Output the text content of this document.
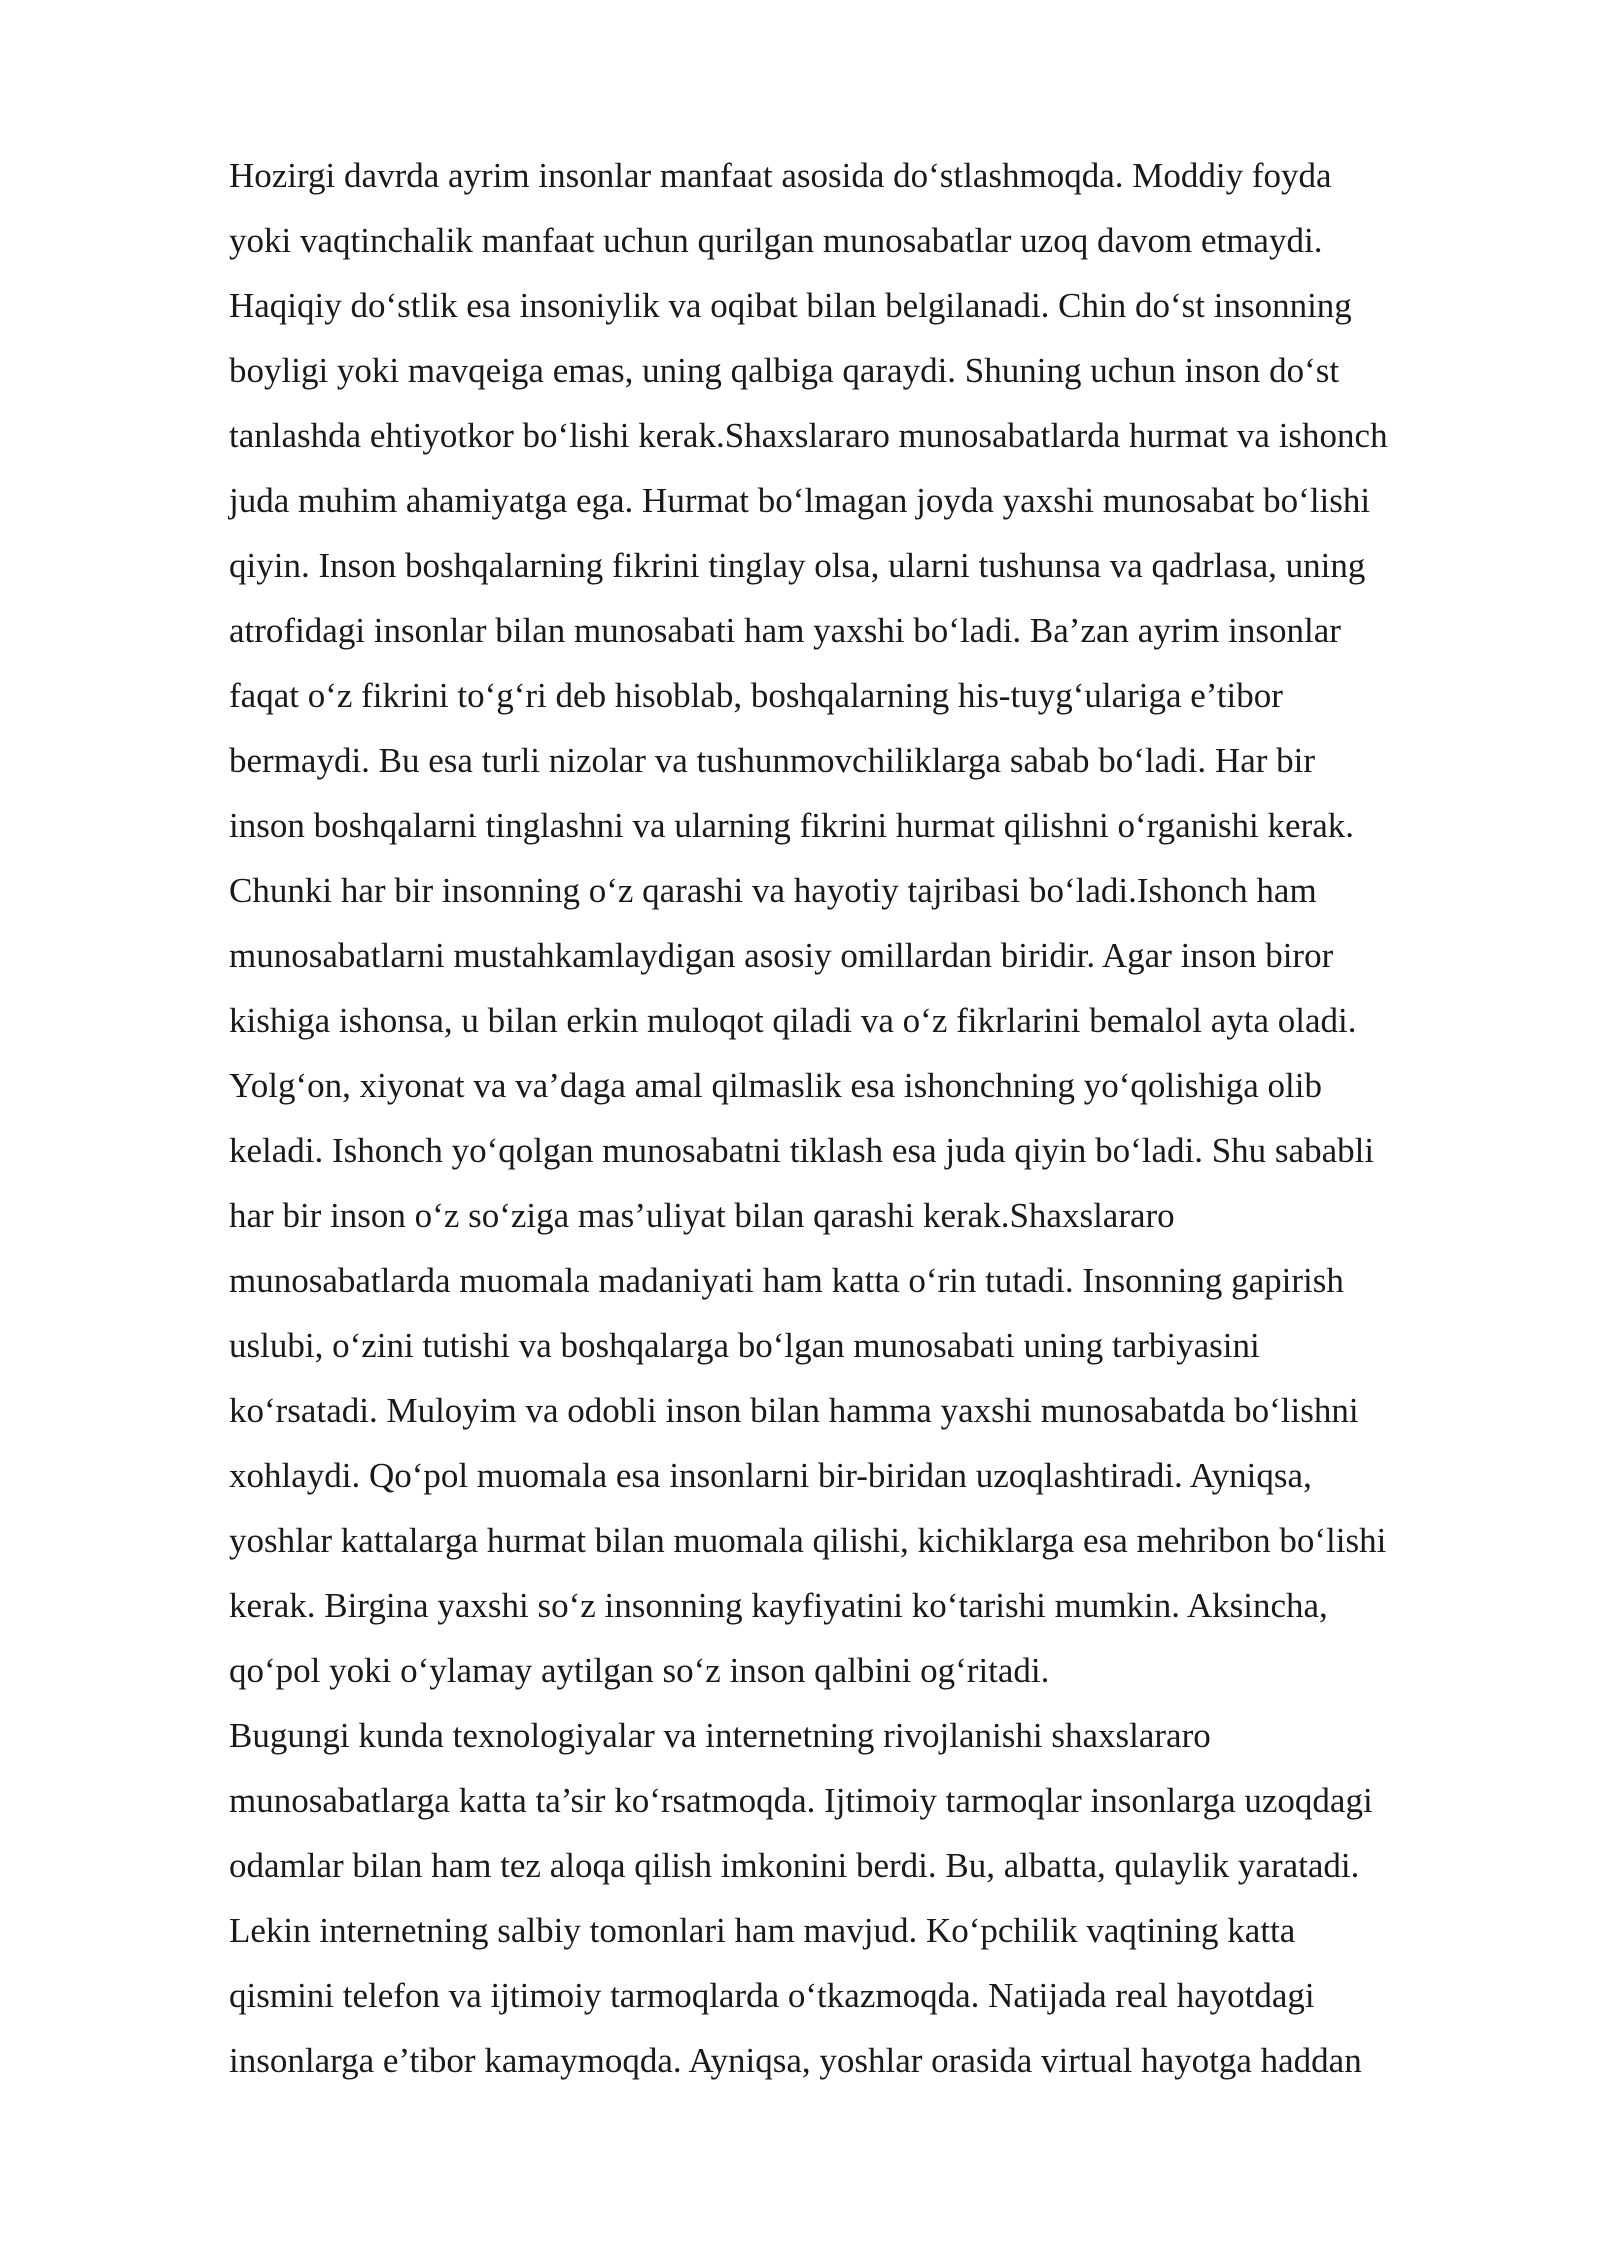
Hozirgi davrda ayrim insonlar manfaat asosida do‘stlashmoqda. Moddiy foyda
yoki vaqtinchalik manfaat uchun qurilgan munosabatlar uzoq davom etmaydi.
Haqiqiy do‘stlik esa insoniylik va oqibat bilan belgilanadi. Chin do‘st insonning
boyligi yoki mavqeiga emas, uning qalbiga qaraydi. Shuning uchun inson do‘st
tanlashda ehtiyotkor bo‘lishi kerak.Shaxslararo munosabatlarda hurmat va ishonch
juda muhim ahamiyatga ega. Hurmat bo‘lmagan joyda yaxshi munosabat bo‘lishi
qiyin. Inson boshqalarning fikrini tinglay olsa, ularni tushunsa va qadrlasa, uning
atrofidagi insonlar bilan munosabati ham yaxshi bo‘ladi. Ba’zan ayrim insonlar
faqat o‘z fikrini to‘g‘ri deb hisoblab, boshqalarning his-tuyg‘ulariga e’tibor
bermaydi. Bu esa turli nizolar va tushunmovchiliklarga sabab bo‘ladi. Har bir
inson boshqalarni tinglashni va ularning fikrini hurmat qilishni o‘rganishi kerak.
Chunki har bir insonning o‘z qarashi va hayotiy tajribasi bo‘ladi.Ishonch ham
munosabatlarni mustahkamlaydigan asosiy omillardan biridir. Agar inson biror
kishiga ishonsa, u bilan erkin muloqot qiladi va o‘z fikrlarini bemalol ayta oladi.
Yolg‘on, xiyonat va va’daga amal qilmaslik esa ishonchning yo‘qolishiga olib
keladi. Ishonch yo‘qolgan munosabatni tiklash esa juda qiyin bo‘ladi. Shu sababli
har bir inson o‘z so‘ziga mas’uliyat bilan qarashi kerak.Shaxslararo
munosabatlarda muomala madaniyati ham katta o‘rin tutadi. Insonning gapirish
uslubi, o‘zini tutishi va boshqalarga bo‘lgan munosabati uning tarbiyasini
ko‘rsatadi. Muloyim va odobli inson bilan hamma yaxshi munosabatda bo‘lishni
xohlaydi. Qo‘pol muomala esa insonlarni bir-biridan uzoqlashtiradi. Ayniqsa,
yoshlar kattalarga hurmat bilan muomala qilishi, kichiklarga esa mehribon bo‘lishi
kerak. Birgina yaxshi so‘z insonning kayfiyatini ko‘tarishi mumkin. Aksincha,
qo‘pol yoki o‘ylamay aytilgan so‘z inson qalbini og‘ritadi.
Bugungi kunda texnologiyalar va internetning rivojlanishi shaxslararo
munosabatlarga katta ta’sir ko‘rsatmoqda. Ijtimoiy tarmoqlar insonlarga uzoqdagi
odamlar bilan ham tez aloqa qilish imkonini berdi. Bu, albatta, qulaylik yaratadi.
Lekin internetning salbiy tomonlari ham mavjud. Ko‘pchilik vaqtining katta
qismini telefon va ijtimoiy tarmoqlarda o‘tkazmoqda. Natijada real hayotdagi
insonlarga e’tibor kamaymoqda. Ayniqsa, yoshlar orasida virtual hayotga haddan
